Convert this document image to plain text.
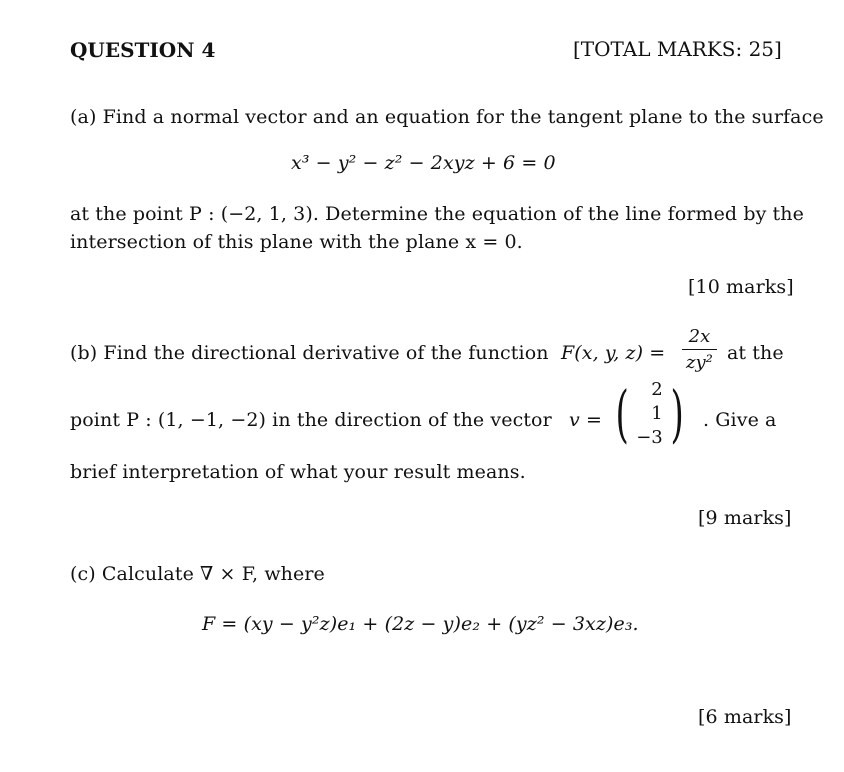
QUESTION 4	[TOTAL MARKS: 25]
(a) Find a normal vector and an equation for the tangent plane to the surface
x³ − y² − z² − 2xyz + 6 = 0
at the point P : (−2, 1, 3). Determine the equation of the line formed by the
intersection of this plane with the plane x = 0.
[10 marks]
(b) Find the directional derivative of the function F(x, y, $z) = \frac{2x}{\text{zy²}}$ at the
point P : (1, −1, −2) in the direction of the vector v = ( 2
1
−3 ) . Give a
brief interpretation of what your result means.
[9 marks]
(c) Calculate ∇ × F, where
F = (xy − y²z)e₁ + (2z − y)e₂ + (yz² − 3xz)e₃.
[6 marks]
